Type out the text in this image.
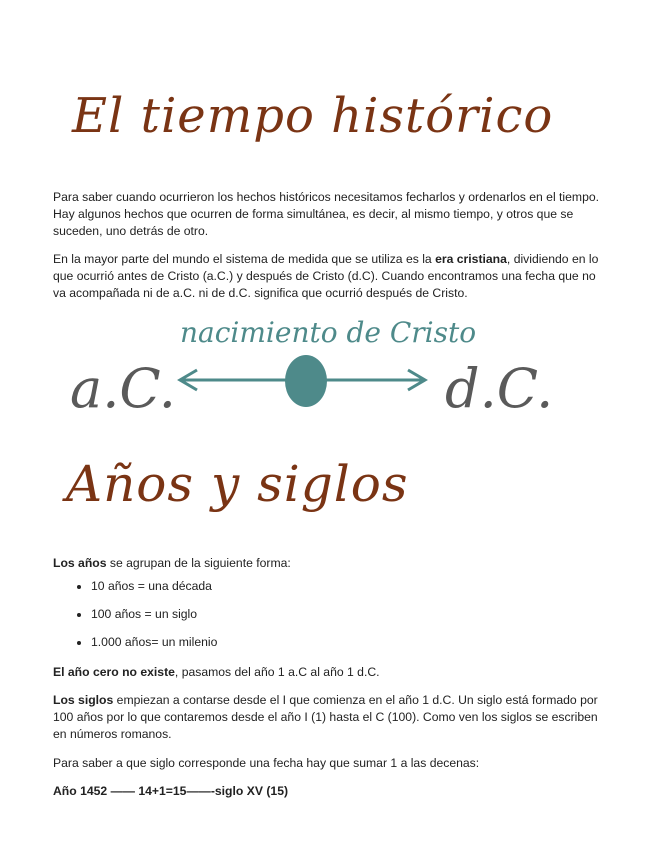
El tiempo histórico

Para saber cuando ocurrieron los hechos históricos necesitamos fecharlos y ordenarlos en el tiempo. Hay algunos hechos que ocurren de forma simultánea, es decir, al mismo tiempo, y otros que se suceden, uno detrás de otro.

En la mayor parte del mundo el sistema de medida que se utiliza es la era cristiana, dividiendo en lo que ocurrió antes de Cristo (a.C.) y después de Cristo (d.C). Cuando encontramos una fecha que no va acompañada ni de a.C. ni de d.C. significa que ocurrió después de Cristo.

nacimiento de Cristo
a.C.	d.C.
Años y siglos

Los años se agrupan de la siguiente forma:

• 10 años = una década
• 100 años = un siglo
• 1.000 años= un milenio

El año cero no existe, pasamos del año 1 a.C al año 1 d.C.

Los siglos empiezan a contarse desde el I que comienza en el año 1 d.C. Un siglo está formado por 100 años por lo que contaremos desde el año I (1) hasta el C (100). Como ven los siglos se escriben en números romanos.

Para saber a que siglo corresponde una fecha hay que sumar 1 a las decenas:

Año 1452 —— 14+1=15——-siglo XV (15)
